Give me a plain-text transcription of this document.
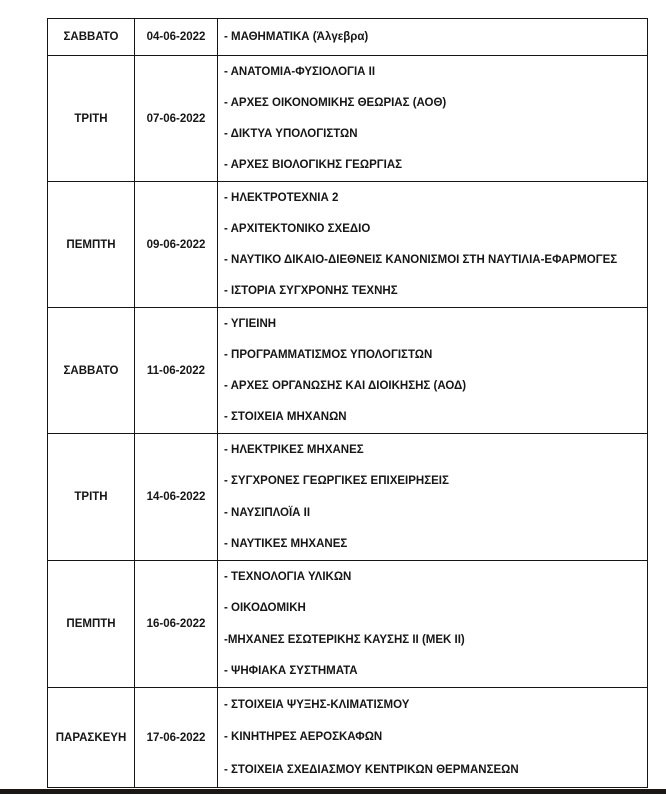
ΣΑΒΒΑΤΟ	04-06-2022	- ΜΑΘΗΜΑΤΙΚΑ (Άλγεβρα)

ΤΡΙΤΗ	07-06-2022	- ΑΝΑΤΟΜΙΑ-ΦΥΣΙΟΛΟΓΙΑ ΙΙ
- ΑΡΧΕΣ ΟΙΚΟΝΟΜΙΚΗΣ ΘΕΩΡΙΑΣ (ΑΟΘ)
- ΔΙΚΤΥΑ ΥΠΟΛΟΓΙΣΤΩΝ
- ΑΡΧΕΣ ΒΙΟΛΟΓΙΚΗΣ ΓΕΩΡΓΙΑΣ

ΠΕΜΠΤΗ	09-06-2022	- ΗΛΕΚΤΡΟΤΕΧΝΙΑ 2
- ΑΡΧΙΤΕΚΤΟΝΙΚΟ ΣΧΕΔΙΟ
- ΝΑΥΤΙΚΟ ΔΙΚΑΙΟ-ΔΙΕΘΝΕΙΣ ΚΑΝΟΝΙΣΜΟΙ ΣΤΗ ΝΑΥΤΙΛΙΑ-ΕΦΑΡΜΟΓΕΣ
- ΙΣΤΟΡΙΑ ΣΥΓΧΡΟΝΗΣ ΤΕΧΝΗΣ

ΣΑΒΒΑΤΟ	11-06-2022	- ΥΓΙΕΙΝΗ
- ΠΡΟΓΡΑΜΜΑΤΙΣΜΟΣ ΥΠΟΛΟΓΙΣΤΩΝ
- ΑΡΧΕΣ ΟΡΓΑΝΩΣΗΣ ΚΑΙ ΔΙΟΙΚΗΣΗΣ (ΑΟΔ)
- ΣΤΟΙΧΕΙΑ ΜΗΧΑΝΩΝ

ΤΡΙΤΗ	14-06-2022	- ΗΛΕΚΤΡΙΚΕΣ ΜΗΧΑΝΕΣ
- ΣΥΓΧΡΟΝΕΣ ΓΕΩΡΓΙΚΕΣ ΕΠΙΧΕΙΡΗΣΕΙΣ
- ΝΑΥΣΙΠΛΟΪΑ ΙΙ
- ΝΑΥΤΙΚΕΣ ΜΗΧΑΝΕΣ

ΠΕΜΠΤΗ	16-06-2022	- ΤΕΧΝΟΛΟΓΙΑ ΥΛΙΚΩΝ
- ΟΙΚΟΔΟΜΙΚΗ
-ΜΗΧΑΝΕΣ ΕΣΩΤΕΡΙΚΗΣ ΚΑΥΣΗΣ ΙΙ (ΜΕΚ ΙΙ)
- ΨΗΦΙΑΚΑ ΣΥΣΤΗΜΑΤΑ

ΠΑΡΑΣΚΕΥΗ	17-06-2022	- ΣΤΟΙΧΕΙΑ ΨΥΞΗΣ-ΚΛΙΜΑΤΙΣΜΟΥ
- ΚΙΝΗΤΗΡΕΣ ΑΕΡΟΣΚΑΦΩΝ
- ΣΤΟΙΧΕΙΑ ΣΧΕΔΙΑΣΜΟΥ ΚΕΝΤΡΙΚΩΝ ΘΕΡΜΑΝΣΕΩΝ
